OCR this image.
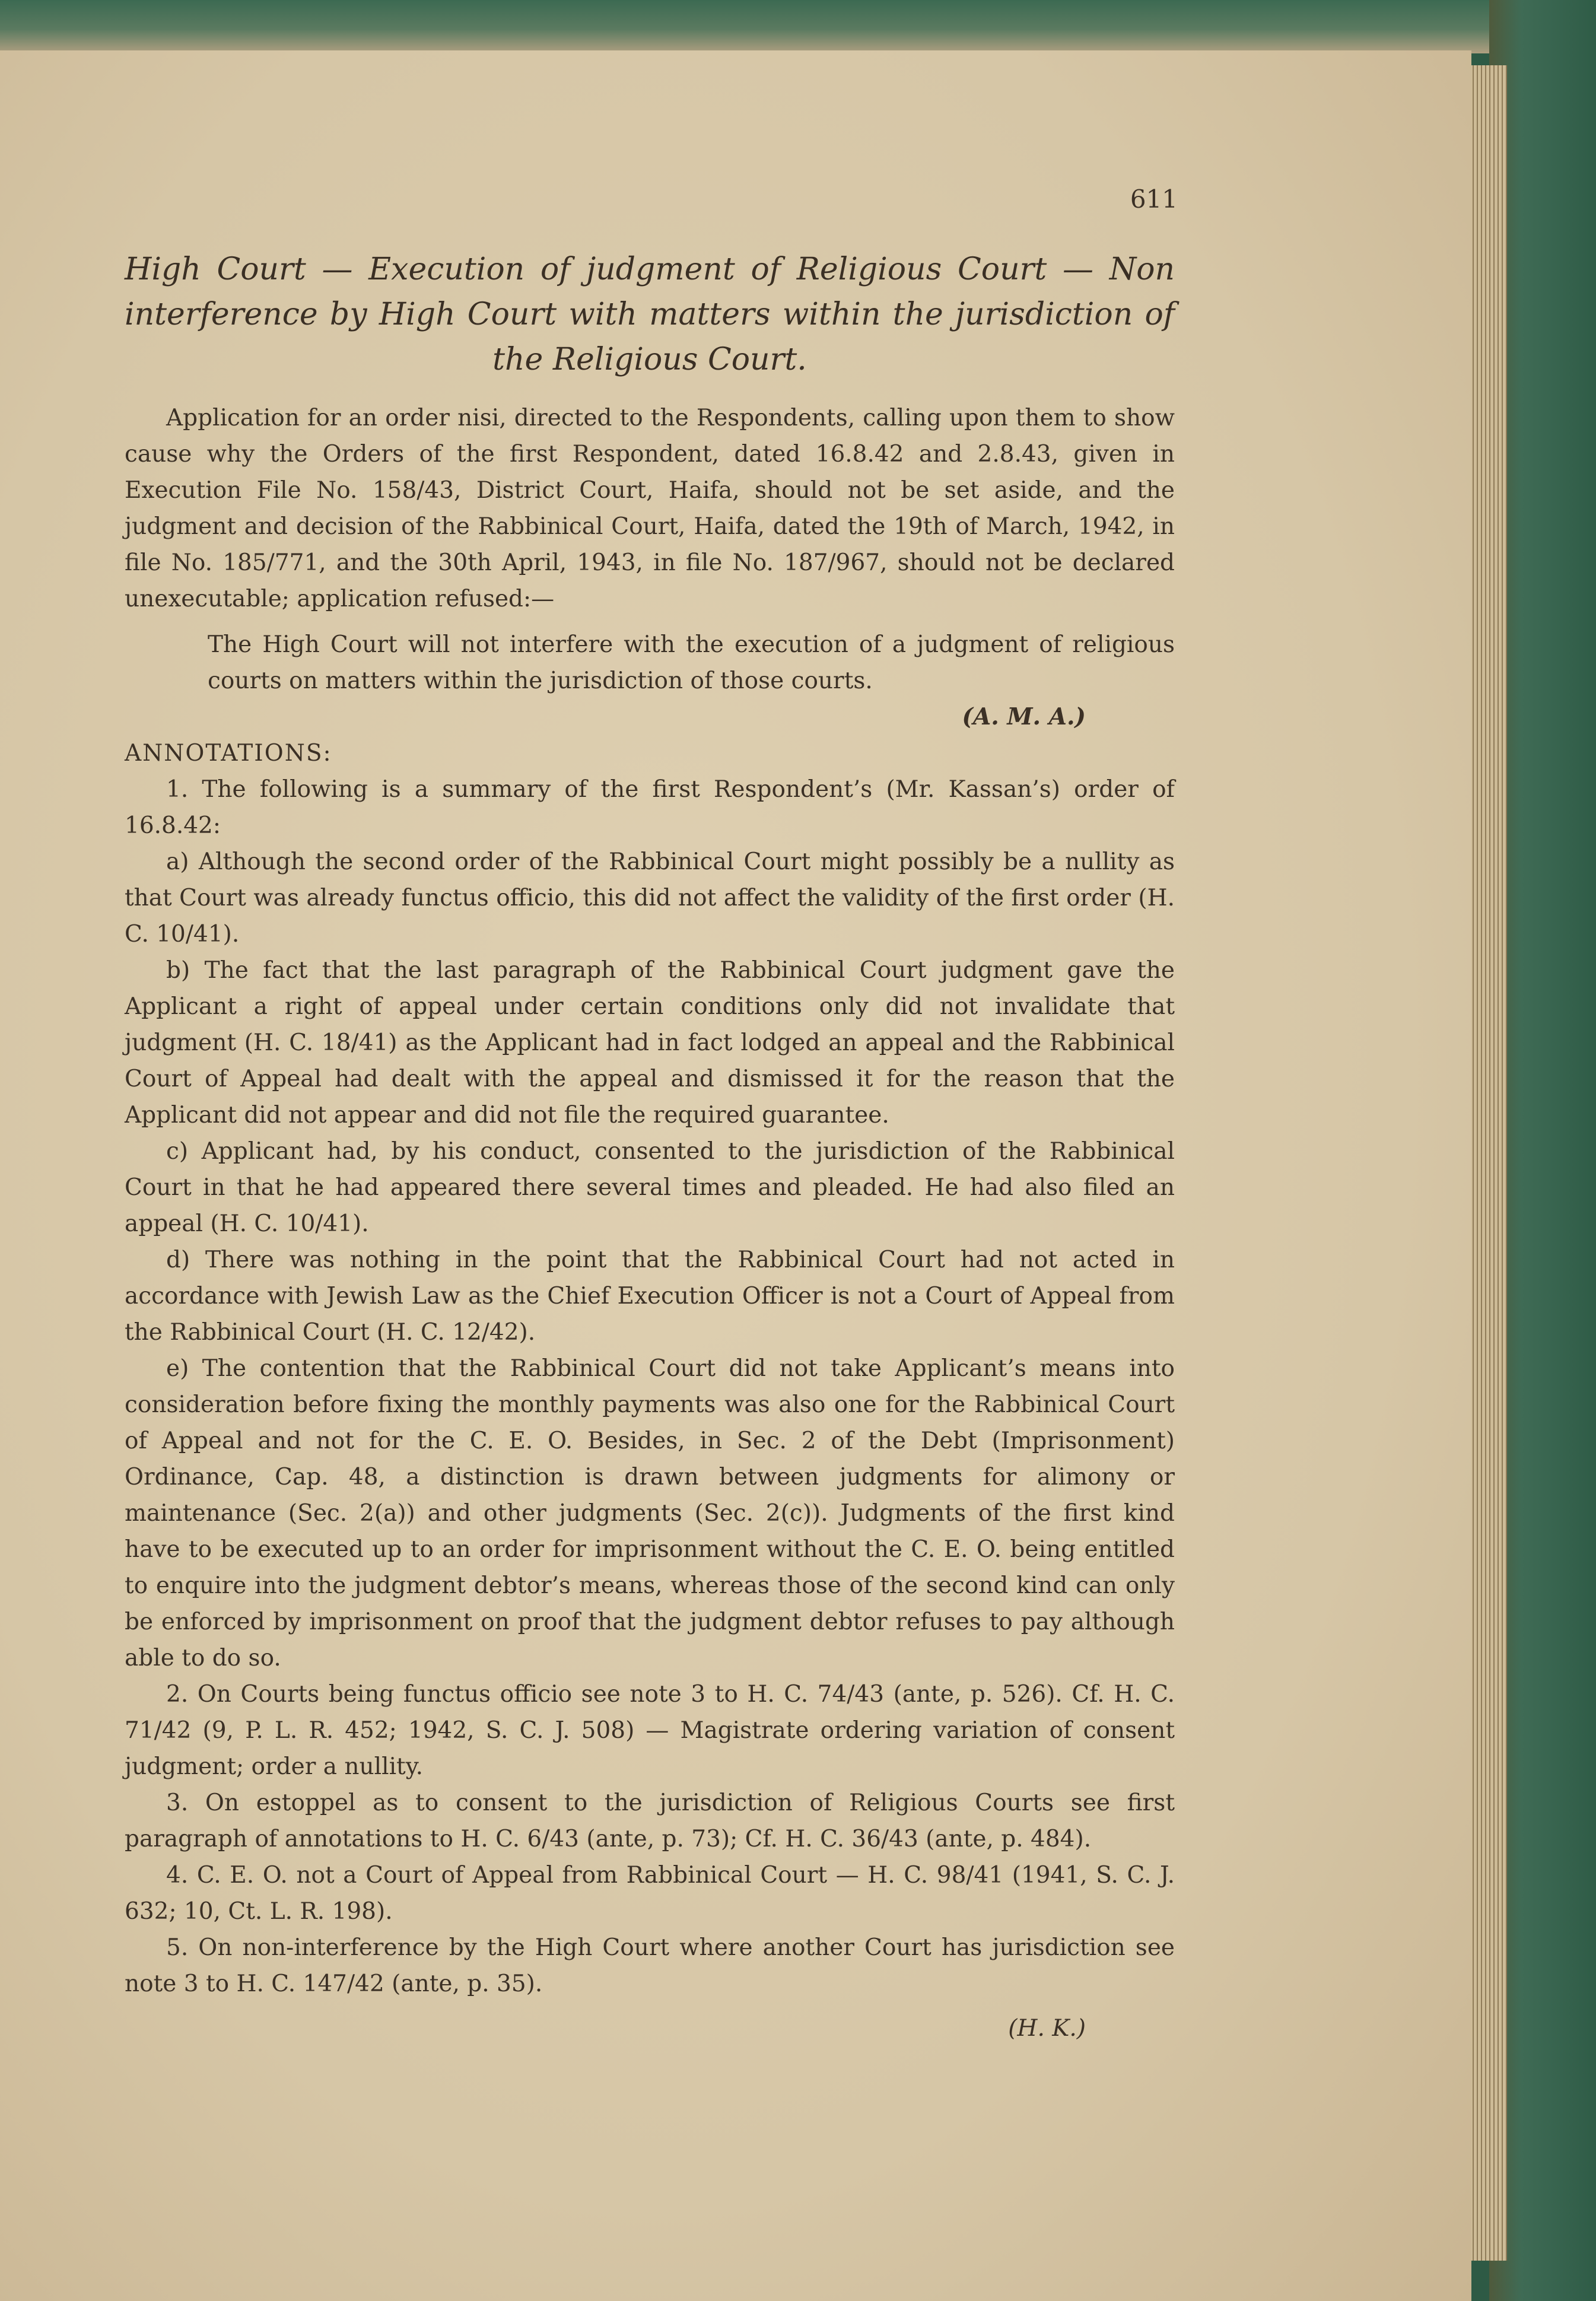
611
High Court — Execution of judgment of Religious Court — Non interference by High Court with matters within the jurisdiction of the Religious Court.

Application for an order nisi, directed to the Respondents, calling upon them to show cause why the Orders of the first Respondent, dated 16.8.42 and 2.8.43, given in Execution File No. 158/43, District Court, Haifa, should not be set aside, and the judgment and decision of the Rabbinical Court, Haifa, dated the 19th of March, 1942, in file No. 185/771, and the 30th April, 1943, in file No. 187/967, should not be declared unexecutable; application refused:—

The High Court will not interfere with the execution of a judgment of religious courts on matters within the jurisdiction of those courts.

(A. M. A.)

ANNOTATIONS:

1. The following is a summary of the first Respondent’s (Mr. Kassan’s) order of 16.8.42:

a) Although the second order of the Rabbinical Court might possibly be a nullity as that Court was already functus officio, this did not affect the validity of the first order (H. C. 10/41).

b) The fact that the last paragraph of the Rabbinical Court judgment gave the Applicant a right of appeal under certain conditions only did not invalidate that judgment (H. C. 18/41) as the Applicant had in fact lodged an appeal and the Rabbinical Court of Appeal had dealt with the appeal and dismissed it for the reason that the Applicant did not appear and did not file the required guarantee.

c) Applicant had, by his conduct, consented to the jurisdiction of the Rabbinical Court in that he had appeared there several times and pleaded. He had also filed an appeal (H. C. 10/41).

d) There was nothing in the point that the Rabbinical Court had not acted in accordance with Jewish Law as the Chief Execution Officer is not a Court of Appeal from the Rabbinical Court (H. C. 12/42).

e) The contention that the Rabbinical Court did not take Applicant’s means into consideration before fixing the monthly payments was also one for the Rabbinical Court of Appeal and not for the C. E. O. Besides, in Sec. 2 of the Debt (Imprisonment) Ordinance, Cap. 48, a distinction is drawn between judgments for alimony or maintenance (Sec. 2(a)) and other judgments (Sec. 2(c)). Judgments of the first kind have to be executed up to an order for imprisonment without the C. E. O. being entitled to enquire into the judgment debtor’s means, whereas those of the second kind can only be enforced by imprisonment on proof that the judgment debtor refuses to pay although able to do so.

2. On Courts being functus officio see note 3 to H. C. 74/43 (ante, p. 526). Cf. H. C. 71/42 (9, P. L. R. 452; 1942, S. C. J. 508) — Magistrate ordering variation of consent judgment; order a nullity.

3. On estoppel as to consent to the jurisdiction of Religious Courts see first paragraph of annotations to H. C. 6/43 (ante, p. 73); Cf. H. C. 36/43 (ante, p. 484).

4. C. E. O. not a Court of Appeal from Rabbinical Court — H. C. 98/41 (1941, S. C. J. 632; 10, Ct. L. R. 198).

5. On non-interference by the High Court where another Court has jurisdiction see note 3 to H. C. 147/42 (ante, p. 35).

(H. K.)
